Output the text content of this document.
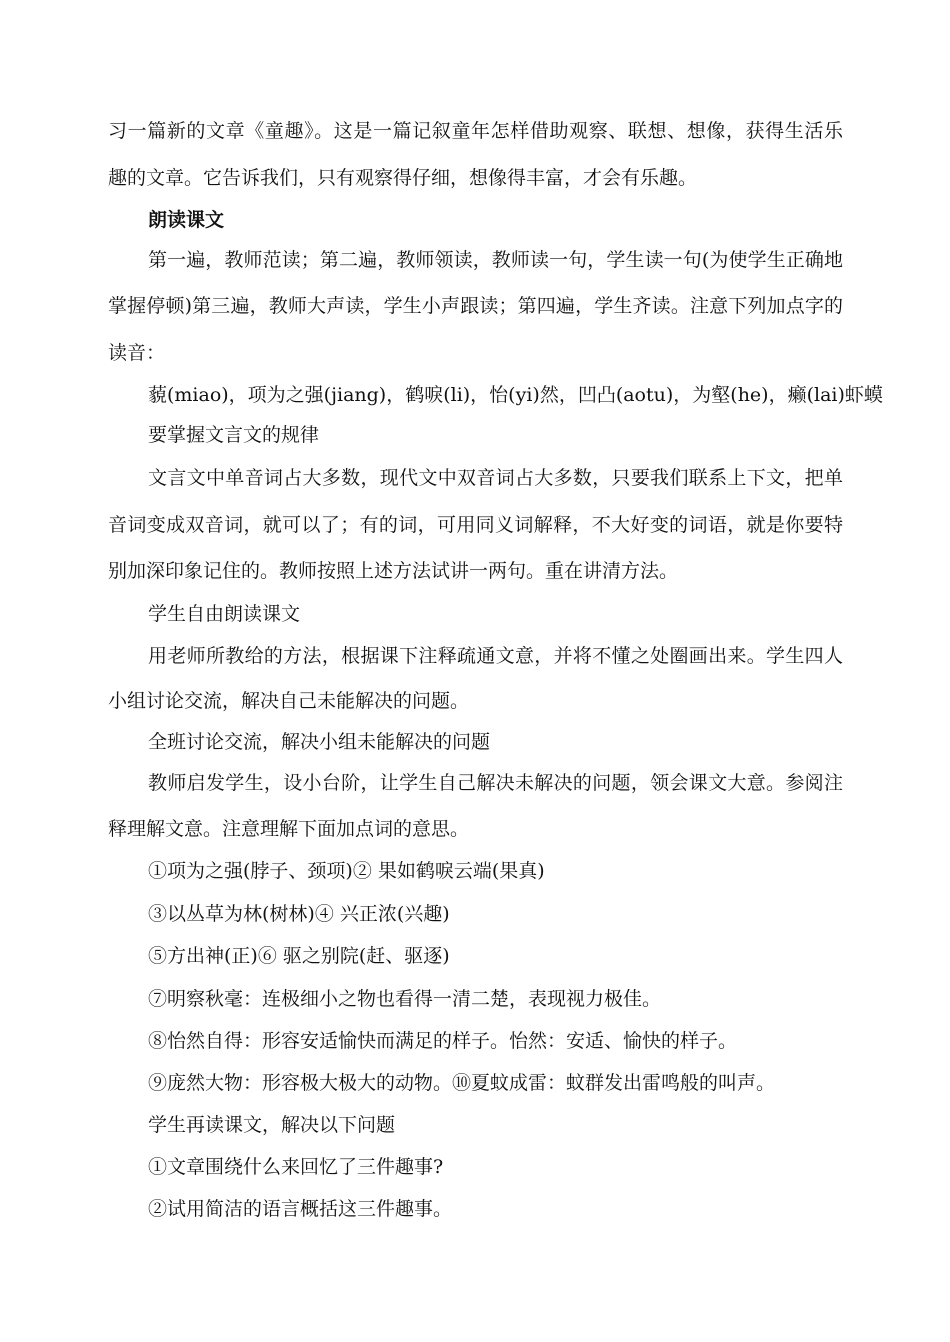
习一篇新的文章《童趣》。这是一篇记叙童年怎样借助观察、联想、想像，获得生活乐

趣的文章。它告诉我们，只有观察得仔细，想像得丰富，才会有乐趣。

朗读课文

第一遍，教师范读；第二遍，教师领读，教师读一句，学生读一句(为使学生正确地

掌握停顿)第三遍，教师大声读，学生小声跟读；第四遍，学生齐读。注意下列加点字的

读音：

藐(miao)，项为之强(jiang)，鹤唳(li)，怡(yi)然，凹凸(aotu)，为壑(he)，癞(lai)虾蟆

要掌握文言文的规律

文言文中单音词占大多数，现代文中双音词占大多数，只要我们联系上下文，把单

音词变成双音词，就可以了；有的词，可用同义词解释，不大好变的词语，就是你要特

别加深印象记住的。教师按照上述方法试讲一两句。重在讲清方法。

学生自由朗读课文

用老师所教给的方法，根据课下注释疏通文意，并将不懂之处圈画出来。学生四人

小组讨论交流，解决自己未能解决的问题。

全班讨论交流，解决小组未能解决的问题

教师启发学生，设小台阶，让学生自己解决未解决的问题，领会课文大意。参阅注

释理解文意。注意理解下面加点词的意思。

①项为之强(脖子、颈项)② 果如鹤唳云端(果真)

③以丛草为林(树林)④ 兴正浓(兴趣)

⑤方出神(正)⑥ 驱之别院(赶、驱逐)

⑦明察秋毫：连极细小之物也看得一清二楚，表现视力极佳。

⑧怡然自得：形容安适愉快而满足的样子。怡然：安适、愉快的样子。

⑨庞然大物：形容极大极大的动物。⑩夏蚊成雷：蚊群发出雷鸣般的叫声。

学生再读课文，解决以下问题

①文章围绕什么来回忆了三件趣事?

②试用简洁的语言概括这三件趣事。
